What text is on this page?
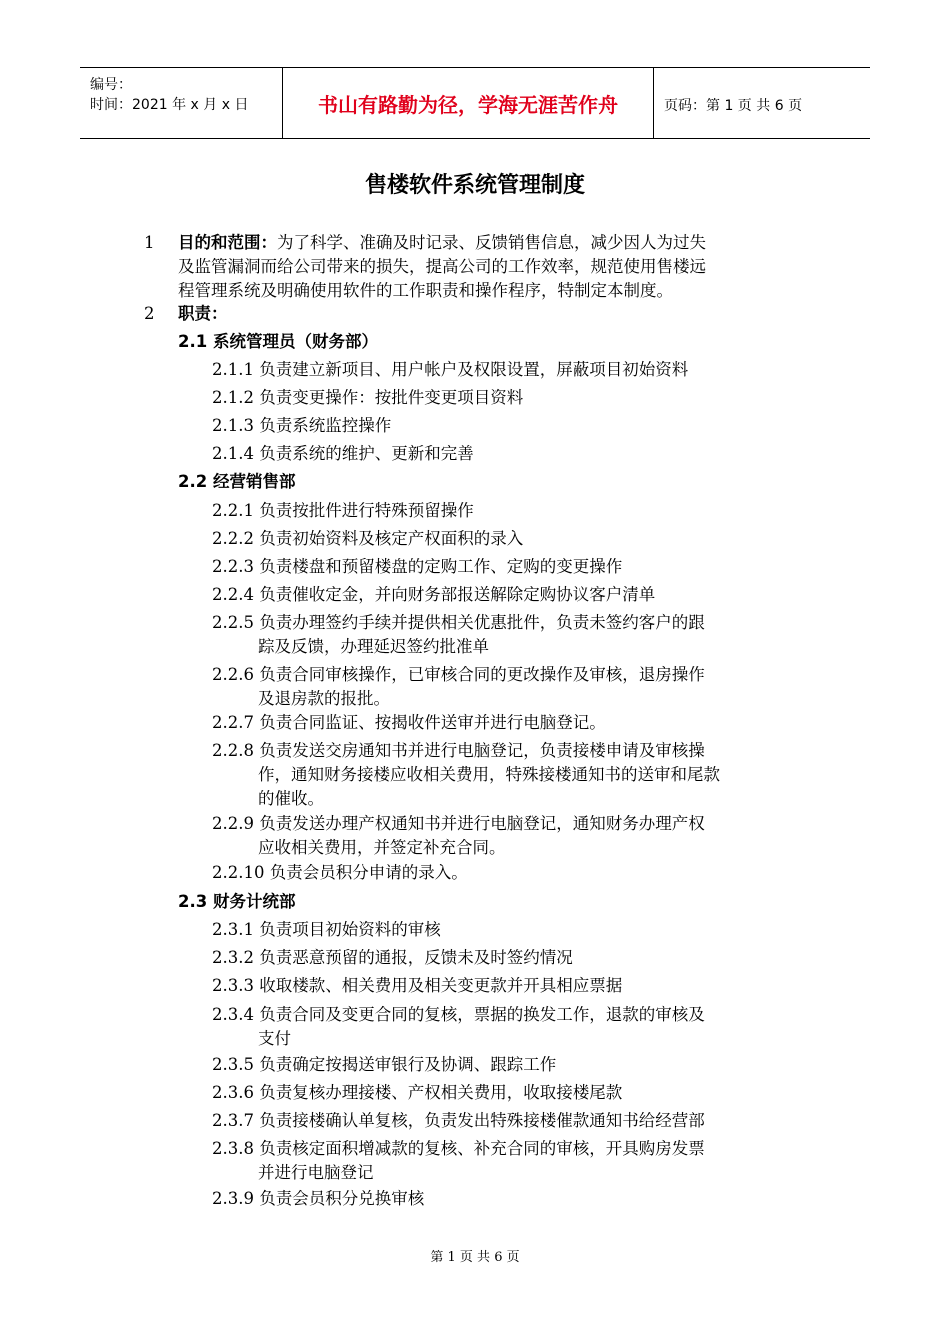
编号：
时间：2021 年 x 月 x 日	书山有路勤为径，学海无涯苦作舟	页码：第 1 页 共 6 页
售楼软件系统管理制度
1 目的和范围：为了科学、准确及时记录、反馈销售信息，减少因人为过失
及监管漏洞而给公司带来的损失，提高公司的工作效率，规范使用售楼远
程管理系统及明确使用软件的工作职责和操作程序，特制定本制度。
2 职责：
2.1 系统管理员（财务部）
2.1.1 负责建立新项目、用户帐户及权限设置，屏蔽项目初始资料
2.1.2 负责变更操作：按批件变更项目资料
2.1.3 负责系统监控操作
2.1.4 负责系统的维护、更新和完善
2.2 经营销售部
2.2.1 负责按批件进行特殊预留操作
2.2.2 负责初始资料及核定产权面积的录入
2.2.3 负责楼盘和预留楼盘的定购工作、定购的变更操作
2.2.4 负责催收定金，并向财务部报送解除定购协议客户清单
2.2.5 负责办理签约手续并提供相关优惠批件，负责未签约客户的跟
踪及反馈，办理延迟签约批准单
2.2.6 负责合同审核操作，已审核合同的更改操作及审核，退房操作
及退房款的报批。
2.2.7 负责合同监证、按揭收件送审并进行电脑登记。
2.2.8 负责发送交房通知书并进行电脑登记，负责接楼申请及审核操
作，通知财务接楼应收相关费用，特殊接楼通知书的送审和尾款
的催收。
2.2.9 负责发送办理产权通知书并进行电脑登记，通知财务办理产权
应收相关费用，并签定补充合同。
2.2.10 负责会员积分申请的录入。
2.3 财务计统部
2.3.1 负责项目初始资料的审核
2.3.2 负责恶意预留的通报，反馈未及时签约情况
2.3.3 收取楼款、相关费用及相关变更款并开具相应票据
2.3.4 负责合同及变更合同的复核，票据的换发工作，退款的审核及
支付
2.3.5 负责确定按揭送审银行及协调、跟踪工作
2.3.6 负责复核办理接楼、产权相关费用，收取接楼尾款
2.3.7 负责接楼确认单复核，负责发出特殊接楼催款通知书给经营部
2.3.8 负责核定面积增减款的复核、补充合同的审核，开具购房发票
并进行电脑登记
2.3.9 负责会员积分兑换审核
第 1 页 共 6 页
